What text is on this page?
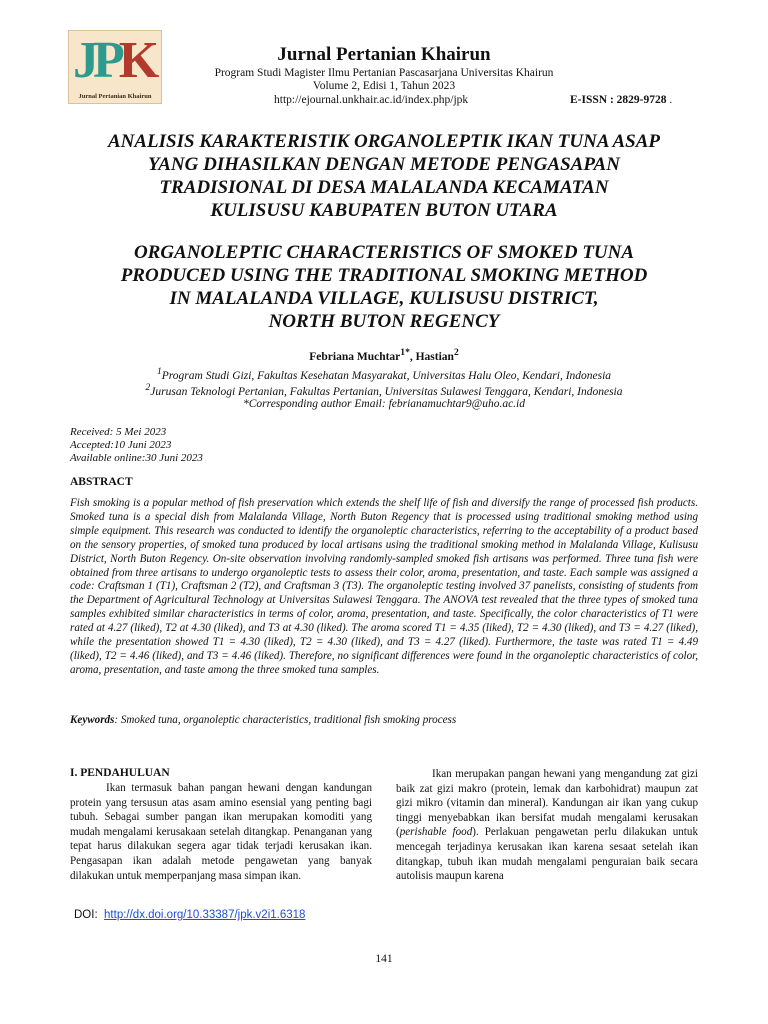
JPK
Jurnal Pertanian Khairun
Jurnal Pertanian Khairun
Program Studi Magister Ilmu Pertanian Pascasarjana Universitas Khairun
Volume 2, Edisi 1, Tahun 2023
http://ejournal.unkhair.ac.id/index.php/jpk	E-ISSN : 2829-9728 .
ANALISIS KARAKTERISTIK ORGANOLEPTIK IKAN TUNA ASAP
YANG DIHASILKAN DENGAN METODE PENGASAPAN
TRADISIONAL DI DESA MALALANDA KECAMATAN
KULISUSU KABUPATEN BUTON UTARA
ORGANOLEPTIC CHARACTERISTICS OF SMOKED TUNA
PRODUCED USING THE TRADITIONAL SMOKING METHOD
IN MALALANDA VILLAGE, KULISUSU DISTRICT,
NORTH BUTON REGENCY
Febriana Muchtar$^{1*}$, Hastian$^2$
$^1$Program Studi Gizi, Fakultas Kesehatan Masyarakat, Universitas Halu Oleo, Kendari, Indonesia
$^2$Jurusan Teknologi Pertanian, Fakultas Pertanian, Universitas Sulawesi Tenggara, Kendari, Indonesia
*Corresponding author Email: febrianamuchtar9@uho.ac.id
Received: 5 Mei 2023
Accepted:10 Juni 2023
Available online:30 Juni 2023
ABSTRACT
Fish smoking is a popular method of fish preservation which extends the shelf life of fish and diversify the range of processed fish products. Smoked tuna is a special dish from Malalanda Village, North Buton Regency that is processed using traditional smoking method using simple equipment. This research was conducted to identify the organoleptic characteristics, referring to the acceptability of a product based on the sensory properties, of smoked tuna produced by local artisans using the traditional smoking method in Malalanda Village, Kulisusu District, North Buton Regency. On-site observation involving randomly-sampled smoked fish artisans was performed. Three tuna fish were obtained from three artisans to undergo organoleptic tests to assess their color, aroma, presentation, and taste. Each sample was assigned a code: Craftsman 1 (T1), Craftsman 2 (T2), and Craftsman 3 (T3). The organoleptic testing involved 37 panelists, consisting of students from the Department of Agricultural Technology at Universitas Sulawesi Tenggara. The ANOVA test revealed that the three types of smoked tuna samples exhibited similar characteristics in terms of color, aroma, presentation, and taste. Specifically, the color characteristics of T1 were rated at 4.27 (liked), T2 at 4.30 (liked), and T3 at 4.30 (liked). The aroma scored T1 = 4.35 (liked), T2 = 4.30 (liked), and T3 = 4.27 (liked), while the presentation showed T1 = 4.30 (liked), T2 = 4.30 (liked), and T3 = 4.27 (liked). Furthermore, the taste was rated T1 = 4.49 (liked), T2 = 4.46 (liked), and T3 = 4.46 (liked). Therefore, no significant differences were found in the organoleptic characteristics of color, aroma, presentation, and taste among the three smoked tuna samples.
Keywords: Smoked tuna, organoleptic characteristics, traditional fish smoking process
I. PENDAHULUAN

Ikan termasuk bahan pangan hewani dengan kandungan protein yang tersusun atas asam amino esensial yang penting bagi tubuh. Sebagai sumber pangan ikan merupakan komoditi yang mudah mengalami kerusakaan setelah ditangkap. Penanganan yang tepat harus dilakukan segera agar tidak terjadi kerusakan ikan. Pengasapan ikan adalah metode pengawetan yang banyak dilakukan untuk memperpanjang masa simpan ikan.

Ikan merupakan pangan hewani yang mengandung zat gizi baik zat gizi makro (protein, lemak dan karbohidrat) maupun zat gizi mikro (vitamin dan mineral). Kandungan air ikan yang cukup tinggi menyebabkan ikan bersifat mudah mengalami kerusakan (perishable food). Perlakuan pengawetan perlu dilakukan untuk mencegah terjadinya kerusakan ikan karena sesaat setelah ikan ditangkap, tubuh ikan mudah mengalami penguraian baik secara autolisis maupun karena

DOI: http://dx.doi.org/10.33387/jpk.v2i1.6318
141
